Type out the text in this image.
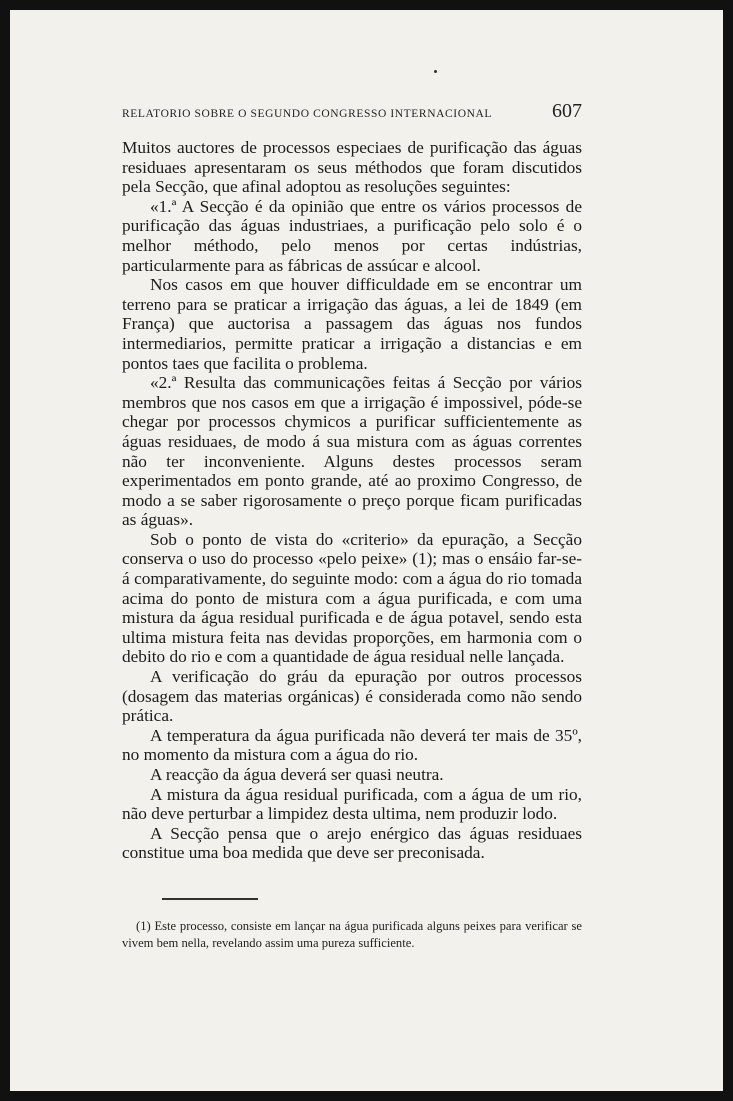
RELATORIO SOBRE O SEGUNDO CONGRESSO INTERNACIONAL	607

Muitos auctores de processos especiaes de purificação das águas residuaes apresentaram os seus méthodos que foram discutidos pela Secção, que afinal adoptou as resoluções seguintes:

«1.ª A Secção é da opinião que entre os vários processos de purificação das águas industriaes, a purificação pelo solo é o melhor méthodo, pelo menos por certas indústrias, particularmente para as fábricas de assúcar e alcool.

Nos casos em que houver difficuldade em se encontrar um terreno para se praticar a irrigação das águas, a lei de 1849 (em França) que auctorisa a passagem das águas nos fundos intermediarios, permitte praticar a irrigação a distancias e em pontos taes que facilita o problema.

«2.ª Resulta das communicações feitas á Secção por vários membros que nos casos em que a irrigação é impossivel, póde-se chegar por processos chymicos a purificar sufficientemente as águas residuaes, de modo á sua mistura com as águas correntes não ter inconveniente. Alguns destes processos seram experimentados em ponto grande, até ao proximo Congresso, de modo a se saber rigorosamente o preço porque ficam purificadas as águas».

Sob o ponto de vista do «criterio» da epuração, a Secção conserva o uso do processo «pelo peixe» (1); mas o ensáio far-se-á comparativamente, do seguinte modo: com a água do rio tomada acima do ponto de mistura com a água purificada, e com uma mistura da água residual purificada e de água potavel, sendo esta ultima mistura feita nas devidas proporções, em harmonia com o debito do rio e com a quantidade de água residual nelle lançada.

A verificação do gráu da epuração por outros processos (dosagem das materias orgánicas) é considerada como não sendo prática.

A temperatura da água purificada não deverá ter mais de 35º, no momento da mistura com a água do rio.

A reacção da água deverá ser quasi neutra.

A mistura da água residual purificada, com a água de um rio, não deve perturbar a limpidez desta ultima, nem produzir lodo.

A Secção pensa que o arejo enérgico das águas residuaes constitue uma boa medida que deve ser preconisada.

(1) Este processo, consiste em lançar na água purificada alguns peixes para verificar se vivem bem nella, revelando assim uma pureza sufficiente.
